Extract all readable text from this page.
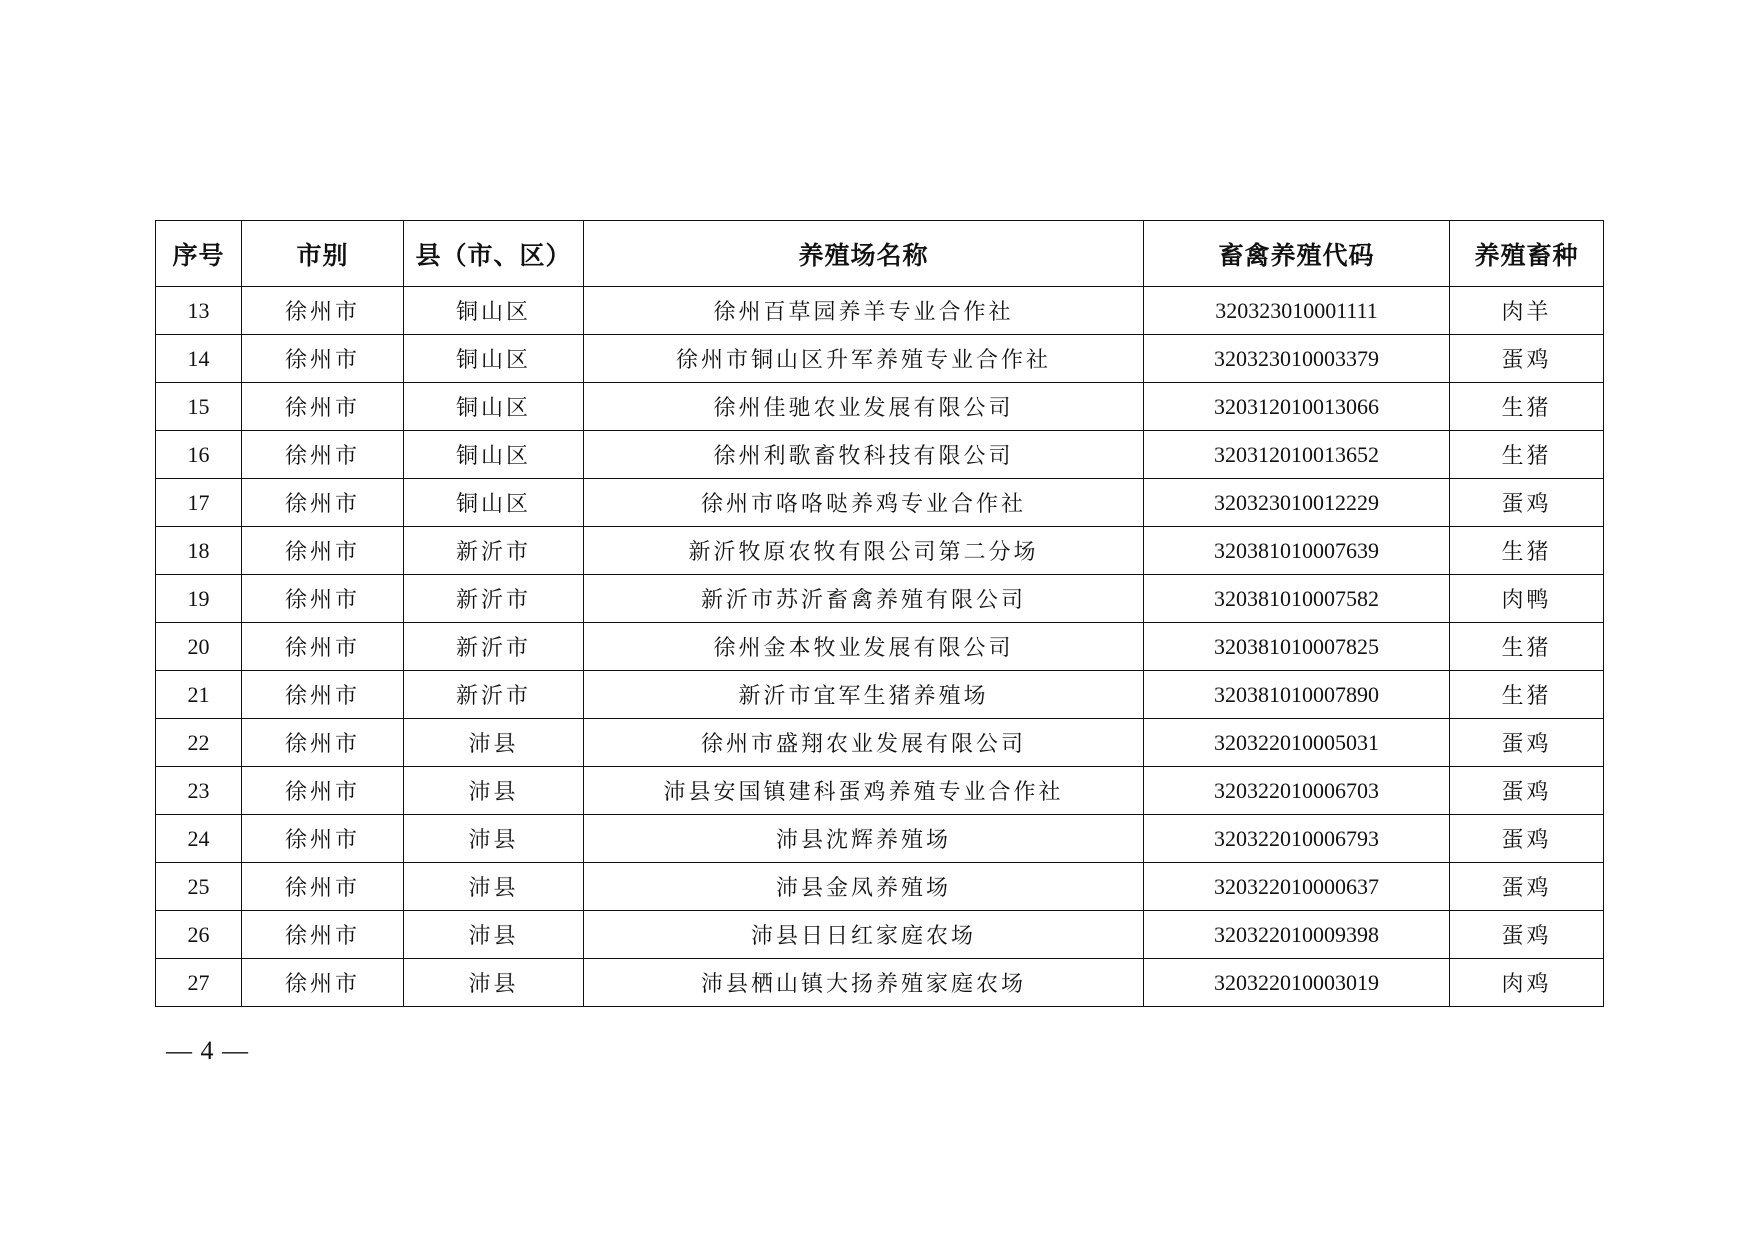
序号	市别	县（市、区）	养殖场名称	畜禽养殖代码	养殖畜种
13	徐州市	铜山区	徐州百草园养羊专业合作社	320323010001111	肉羊
14	徐州市	铜山区	徐州市铜山区升军养殖专业合作社	320323010003379	蛋鸡
15	徐州市	铜山区	徐州佳驰农业发展有限公司	320312010013066	生猪
16	徐州市	铜山区	徐州利歌畜牧科技有限公司	320312010013652	生猪
17	徐州市	铜山区	徐州市咯咯哒养鸡专业合作社	320323010012229	蛋鸡
18	徐州市	新沂市	新沂牧原农牧有限公司第二分场	320381010007639	生猪
19	徐州市	新沂市	新沂市苏沂畜禽养殖有限公司	320381010007582	肉鸭
20	徐州市	新沂市	徐州金本牧业发展有限公司	320381010007825	生猪
21	徐州市	新沂市	新沂市宜军生猪养殖场	320381010007890	生猪
22	徐州市	沛县	徐州市盛翔农业发展有限公司	320322010005031	蛋鸡
23	徐州市	沛县	沛县安国镇建科蛋鸡养殖专业合作社	320322010006703	蛋鸡
24	徐州市	沛县	沛县沈辉养殖场	320322010006793	蛋鸡
25	徐州市	沛县	沛县金凤养殖场	320322010000637	蛋鸡
26	徐州市	沛县	沛县日日红家庭农场	320322010009398	蛋鸡
27	徐州市	沛县	沛县栖山镇大扬养殖家庭农场	320322010003019	肉鸡
— 4 —
